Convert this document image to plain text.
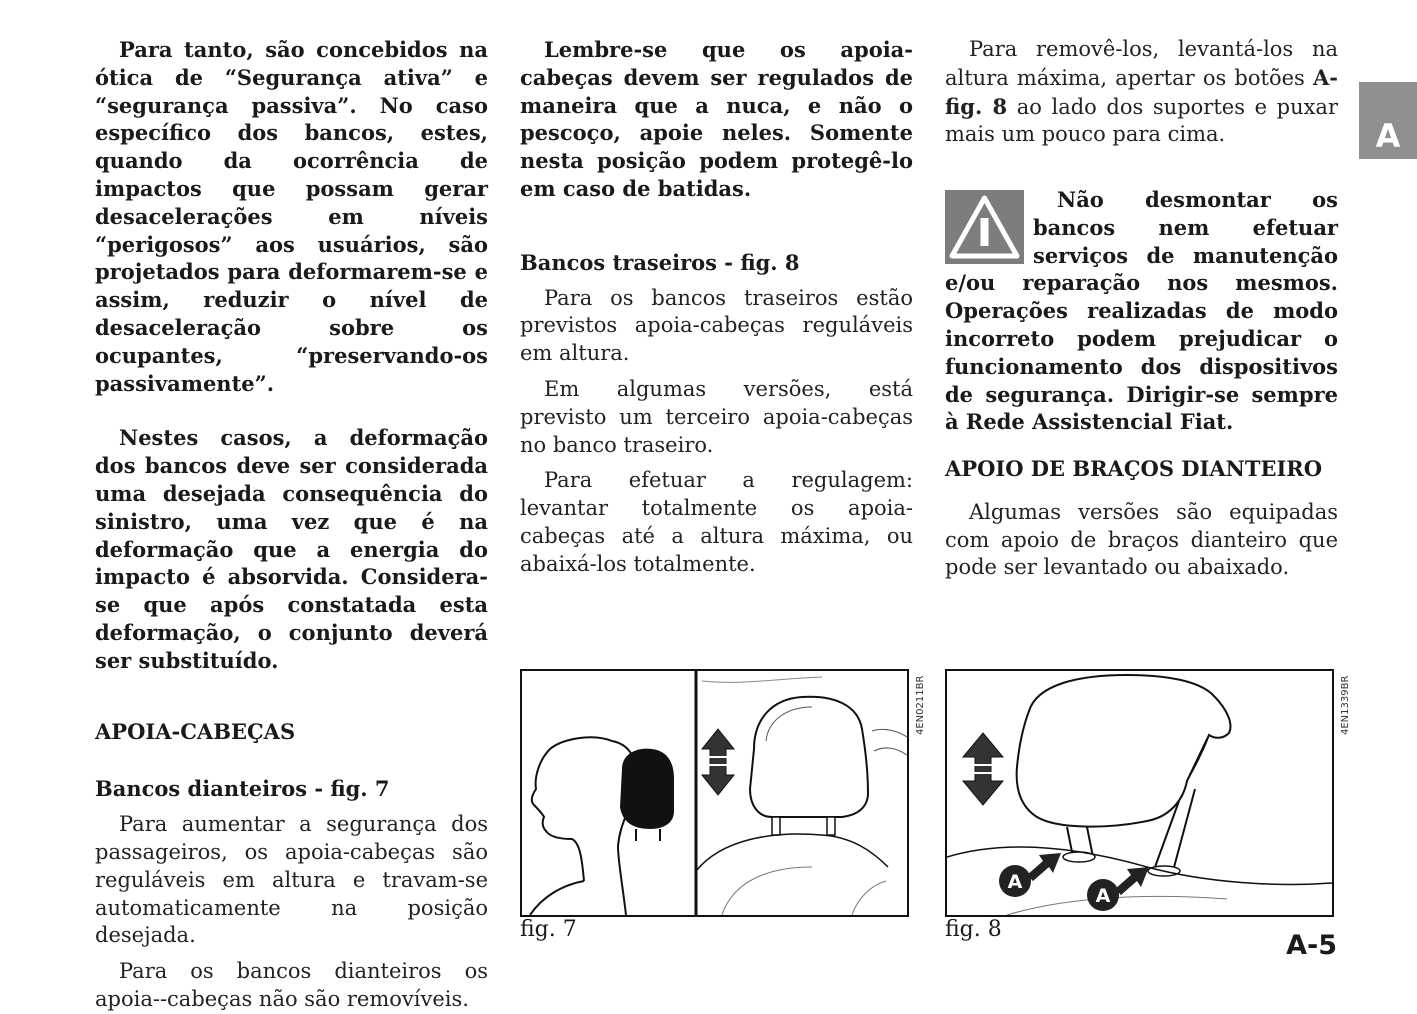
Para tanto, são concebidos na ótica de “Segurança ativa” e “segurança passiva”. No caso específico dos bancos, estes, quando da ocorrência de impactos que possam gerar desacelerações em níveis “perigosos” aos usuários, são projetados para deformarem-se e assim, reduzir o nível de desaceleração sobre os ocupantes, “preservando-os passivamente”.

Nestes casos, a deformação dos bancos deve ser considerada uma desejada consequência do sinistro, uma vez que é na deformação que a energia do impacto é absorvida. Considera-se que após constatada esta deformação, o conjunto deverá ser substituído.

APOIA-CABEÇAS

Bancos dianteiros - fig. 7

Para aumentar a segurança dos passageiros, os apoia-cabeças são reguláveis em altura e travam-se automaticamente na posição desejada.

Para os bancos dianteiros os apoia--cabeças não são removíveis.

Lembre-se que os apoia-cabeças devem ser regulados de maneira que a nuca, e não o pescoço, apoie neles. Somente nesta posição podem protegê-lo em caso de batidas.

Bancos traseiros - fig. 8

Para os bancos traseiros estão previstos apoia-cabeças reguláveis em altura.

Em algumas versões, está previsto um terceiro apoia-cabeças no banco traseiro.

Para efetuar a regulagem: levantar totalmente os apoia-cabeças até a altura máxima, ou abaixá-los totalmente.

Para removê-los, levantá-los na altura máxima, apertar os botões A-fig. 8 ao lado dos suportes e puxar mais um pouco para cima.

Não desmontar os bancos nem efetuar serviços de manutenção e/ou reparação nos mesmos. Operações realizadas de modo incorreto podem prejudicar o funcionamento dos dispositivos de segurança. Dirigir-se sempre à Rede Assistencial Fiat.

APOIO DE BRAÇOS DIANTEIRO

Algumas versões são equipadas com apoio de braços dianteiro que pode ser levantado ou abaixado.

A
A-5
4EN0211BR
fig. 7
A
A
4EN1339BR
fig. 8
